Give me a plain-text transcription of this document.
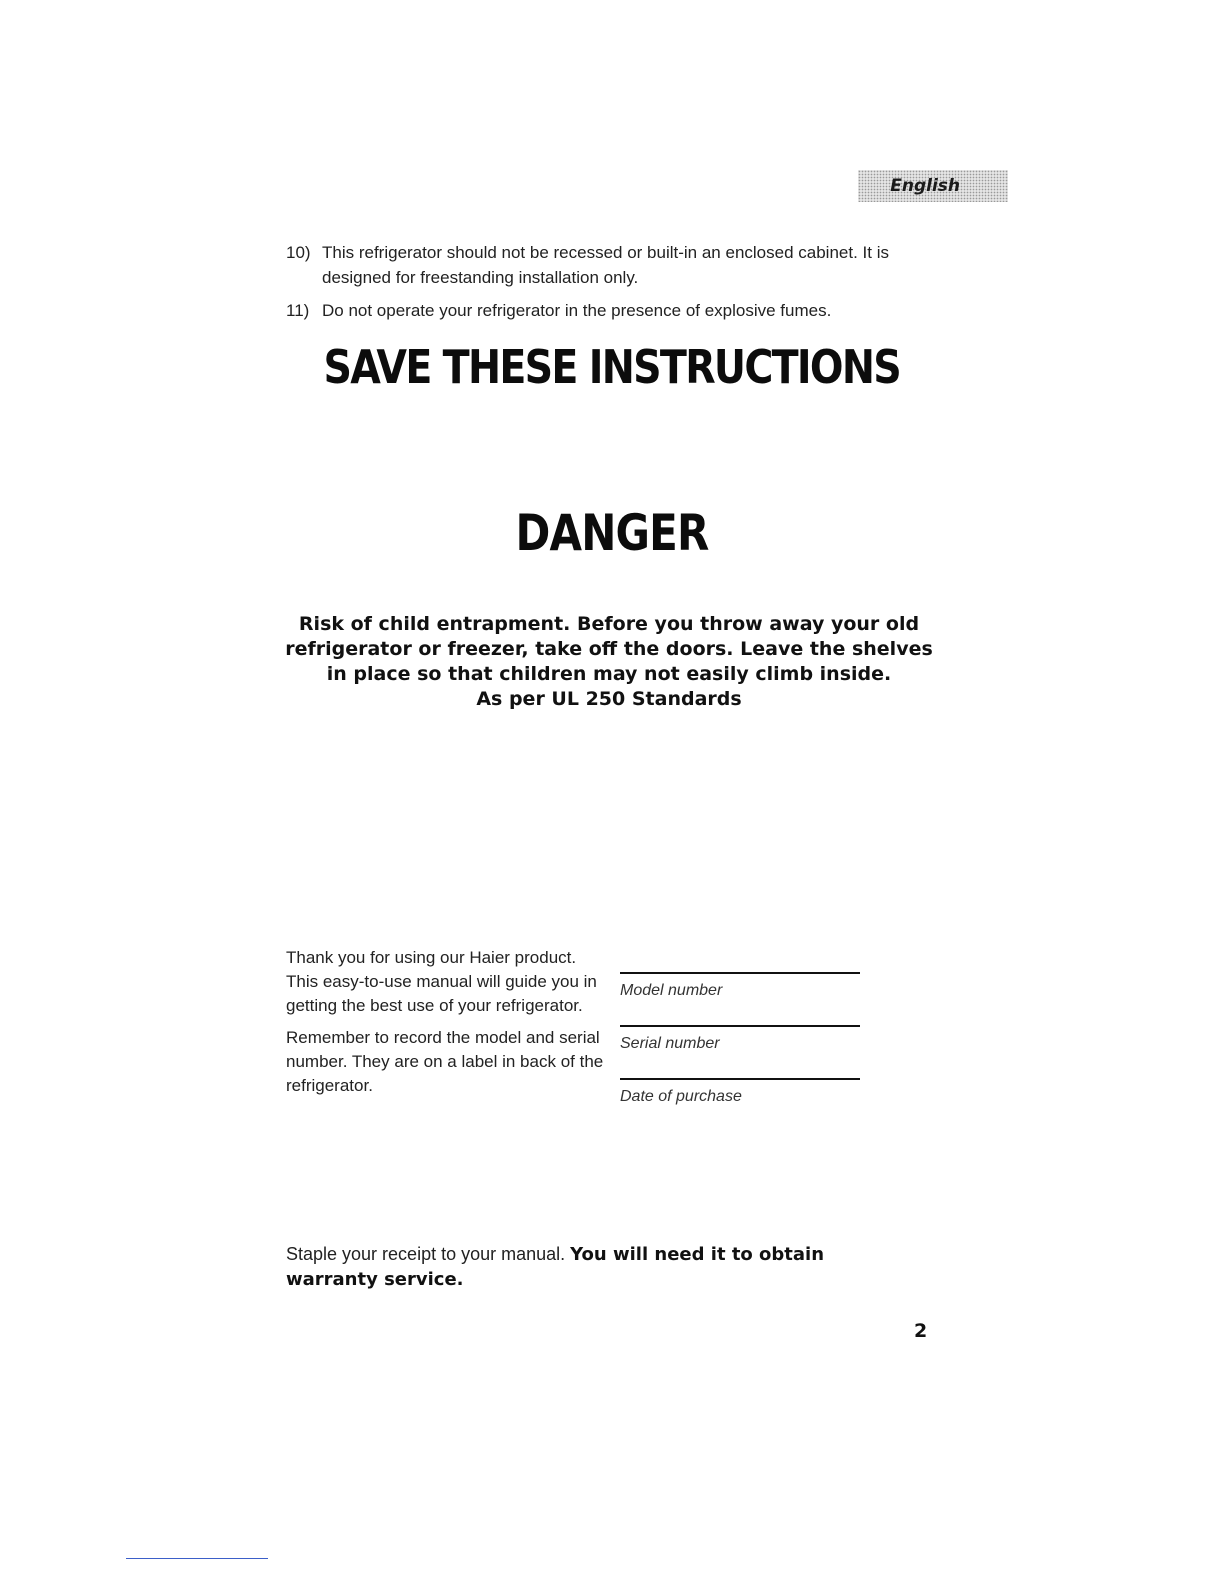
English
10) This refrigerator should not be recessed or built-in an enclosed cabinet. It is designed for freestanding installation only.
11) Do not operate your refrigerator in the presence of explosive fumes.
SAVE THESE INSTRUCTIONS
DANGER
Risk of child entrapment. Before you throw away your old
refrigerator or freezer, take off the doors. Leave the shelves
in place so that children may not easily climb inside.
As per UL 250 Standards

Thank you for using our Haier product. This easy-to-use manual will guide you in getting the best use of your refrigerator.

Remember to record the model and serial number. They are on a label in back of the refrigerator.

Model number
Serial number
Date of purchase
Staple your receipt to your manual. You will need it to obtain warranty service.
2
